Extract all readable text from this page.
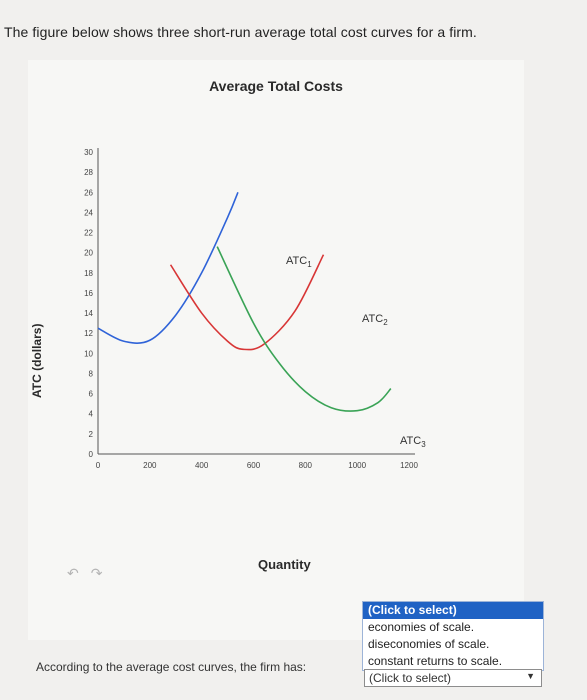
The figure below shows three short-run average total cost curves for a firm.
Average Total Costs
ATC (dollars)
0
2
4
6
8
10
12
14
16
18
20
22
24
26
28
30
0	200	400	600	800	1000	1200
$ATC_1$
$ATC_2$
$ATC_3$
Quantity
↶ ↷
(Click to select)
economies of scale.
diseconomies of scale.
constant returns to scale.
According to the average cost curves, the firm has:
(Click to select)	▼
